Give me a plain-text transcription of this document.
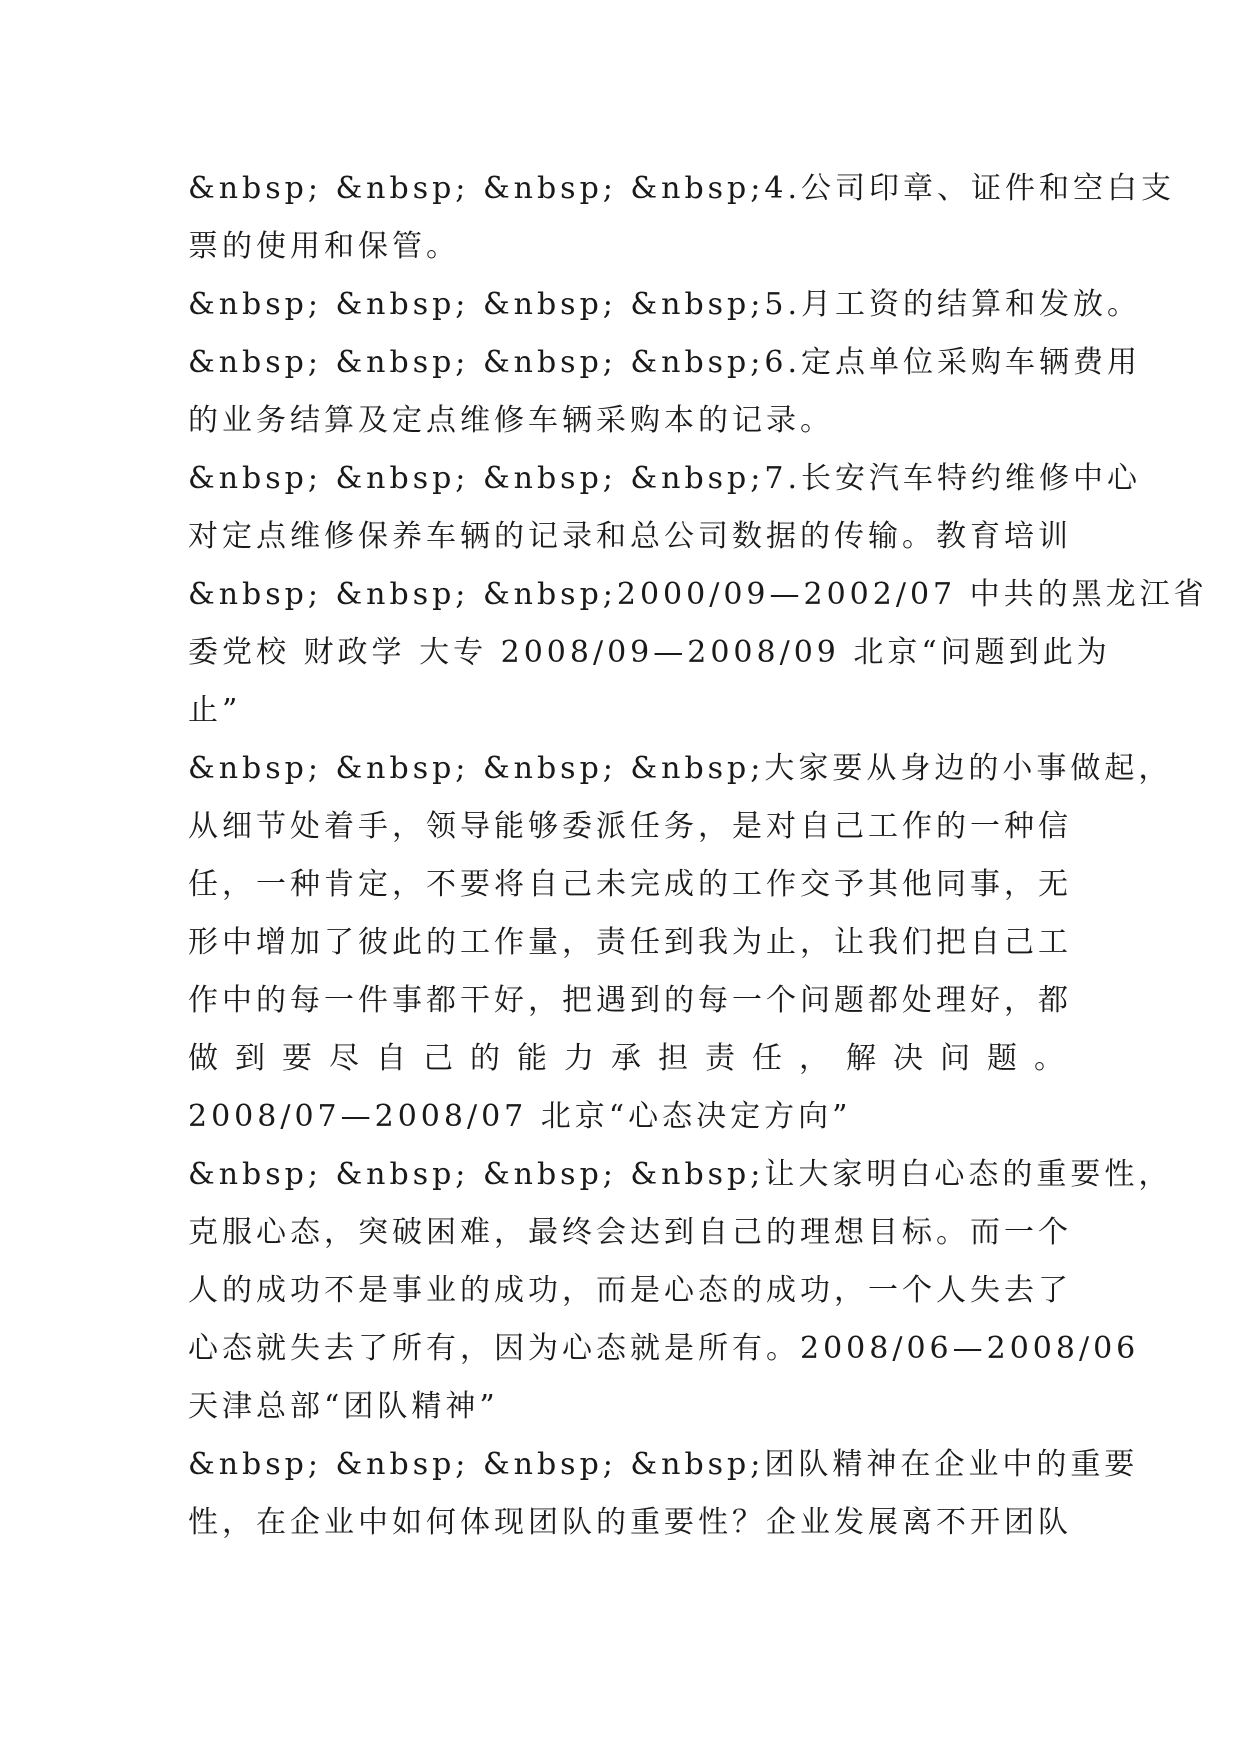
&nbsp; &nbsp; &nbsp; &nbsp;4.公司印章、证件和空白支
票的使用和保管。
&nbsp; &nbsp; &nbsp; &nbsp;5.月工资的结算和发放。
&nbsp; &nbsp; &nbsp; &nbsp;6.定点单位采购车辆费用
的业务结算及定点维修车辆采购本的记录。
&nbsp; &nbsp; &nbsp; &nbsp;7.长安汽车特约维修中心
对定点维修保养车辆的记录和总公司数据的传输。教育培训
&nbsp; &nbsp; &nbsp;2000/09—2002/07 中共的黑龙江省
委党校 财政学 大专 2008/09—2008/09 北京“问题到此为
止”
&nbsp; &nbsp; &nbsp; &nbsp;大家要从身边的小事做起，
从细节处着手，领导能够委派任务，是对自己工作的一种信
任，一种肯定，不要将自己未完成的工作交予其他同事，无
形中增加了彼此的工作量，责任到我为止，让我们把自己工
作中的每一件事都干好，把遇到的每一个问题都处理好，都
做到要尽自己的能力承担责任，解决问题。
2008/07—2008/07 北京“心态决定方向”
&nbsp; &nbsp; &nbsp; &nbsp;让大家明白心态的重要性，
克服心态，突破困难，最终会达到自己的理想目标。而一个
人的成功不是事业的成功，而是心态的成功，一个人失去了
心态就失去了所有，因为心态就是所有。2008/06—2008/06
天津总部“团队精神”
&nbsp; &nbsp; &nbsp; &nbsp;团队精神在企业中的重要
性，在企业中如何体现团队的重要性？企业发展离不开团队
